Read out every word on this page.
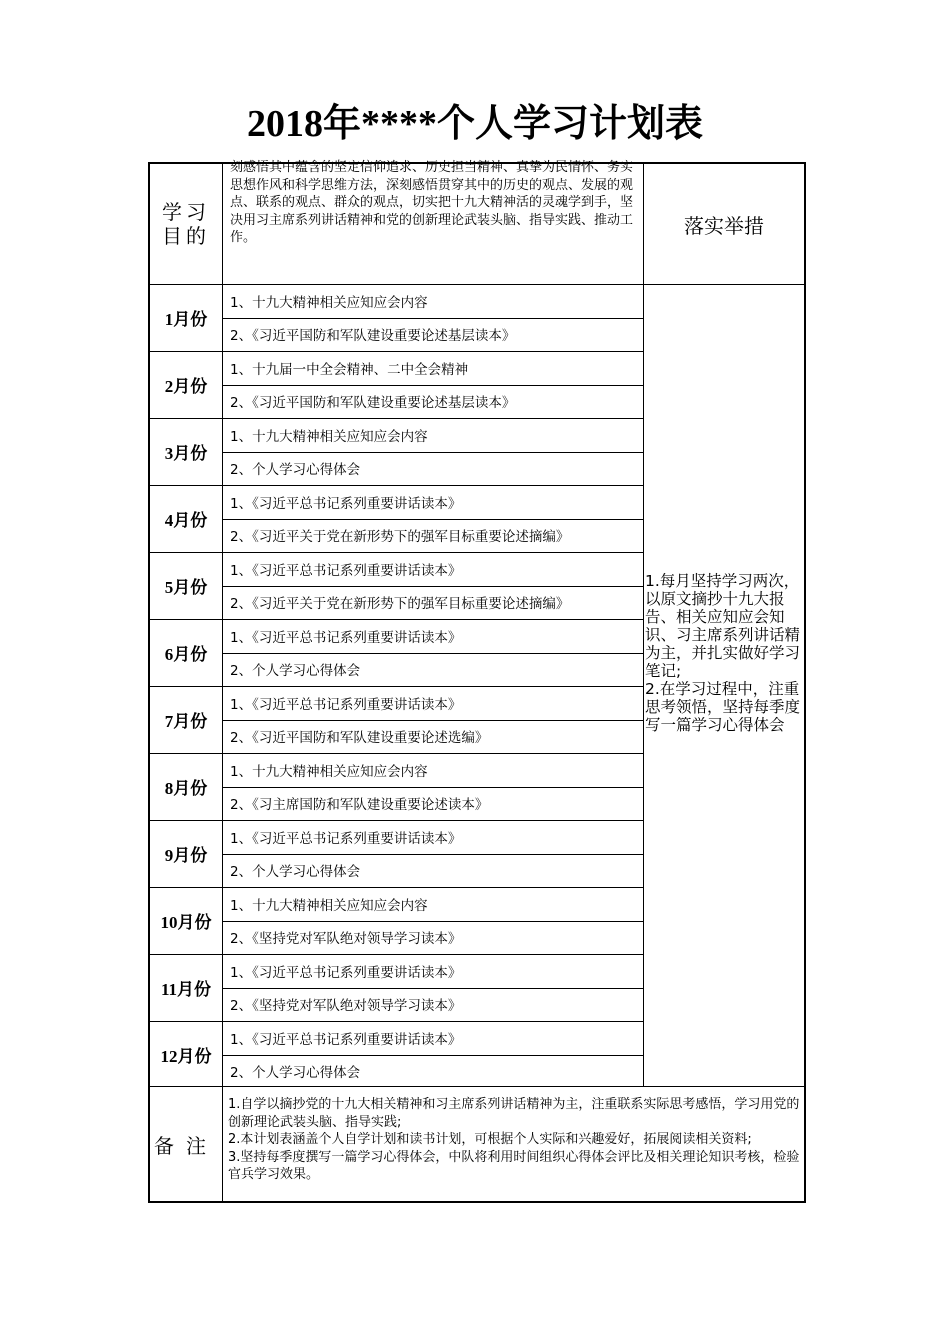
2018年****个人学习计划表
学习
目的
刻感悟其中蕴含的坚定信仰追求、历史担当精神、真挚为民情怀、务实思想作风和科学思维方法，深刻感悟贯穿其中的历史的观点、发展的观点、联系的观点、群众的观点，切实把十九大精神活的灵魂学到手，坚决用习主席系列讲话精神和党的创新理论武装头脑、指导实践、推动工作。	落实举措
1月份
1、十九大精神相关应知应会内容
2、《习近平国防和军队建设重要论述基层读本》
2月份
1、十九届一中全会精神、二中全会精神
2、《习近平国防和军队建设重要论述基层读本》
3月份
1、十九大精神相关应知应会内容
2、个人学习心得体会
4月份
1、《习近平总书记系列重要讲话读本》
2、《习近平关于党在新形势下的强军目标重要论述摘编》
5月份
1、《习近平总书记系列重要讲话读本》
2、《习近平关于党在新形势下的强军目标重要论述摘编》
6月份
1、《习近平总书记系列重要讲话读本》
2、个人学习心得体会
7月份
1、《习近平总书记系列重要讲话读本》
2、《习近平国防和军队建设重要论述选编》
8月份
1、十九大精神相关应知应会内容
2、《习主席国防和军队建设重要论述读本》
9月份
1、《习近平总书记系列重要讲话读本》
2、个人学习心得体会
10月份
1、十九大精神相关应知应会内容
2、《坚持党对军队绝对领导学习读本》
11月份
1、《习近平总书记系列重要讲话读本》
2、《坚持党对军队绝对领导学习读本》
12月份
1、《习近平总书记系列重要讲话读本》
2、个人学习心得体会
1.每月坚持学习两次，以原文摘抄十九大报告、相关应知应会知识、习主席系列讲话精为主，并扎实做好学习笔记;
2.在学习过程中，注重思考领悟，坚持每季度写一篇学习心得体会
备注
1.自学以摘抄党的十九大相关精神和习主席系列讲话精神为主，注重联系实际思考感悟，学习用党的创新理论武装头脑、指导实践;
2.本计划表涵盖个人自学计划和读书计划，可根据个人实际和兴趣爱好，拓展阅读相关资料;
3.坚持每季度撰写一篇学习心得体会，中队将利用时间组织心得体会评比及相关理论知识考核，检验官兵学习效果。
